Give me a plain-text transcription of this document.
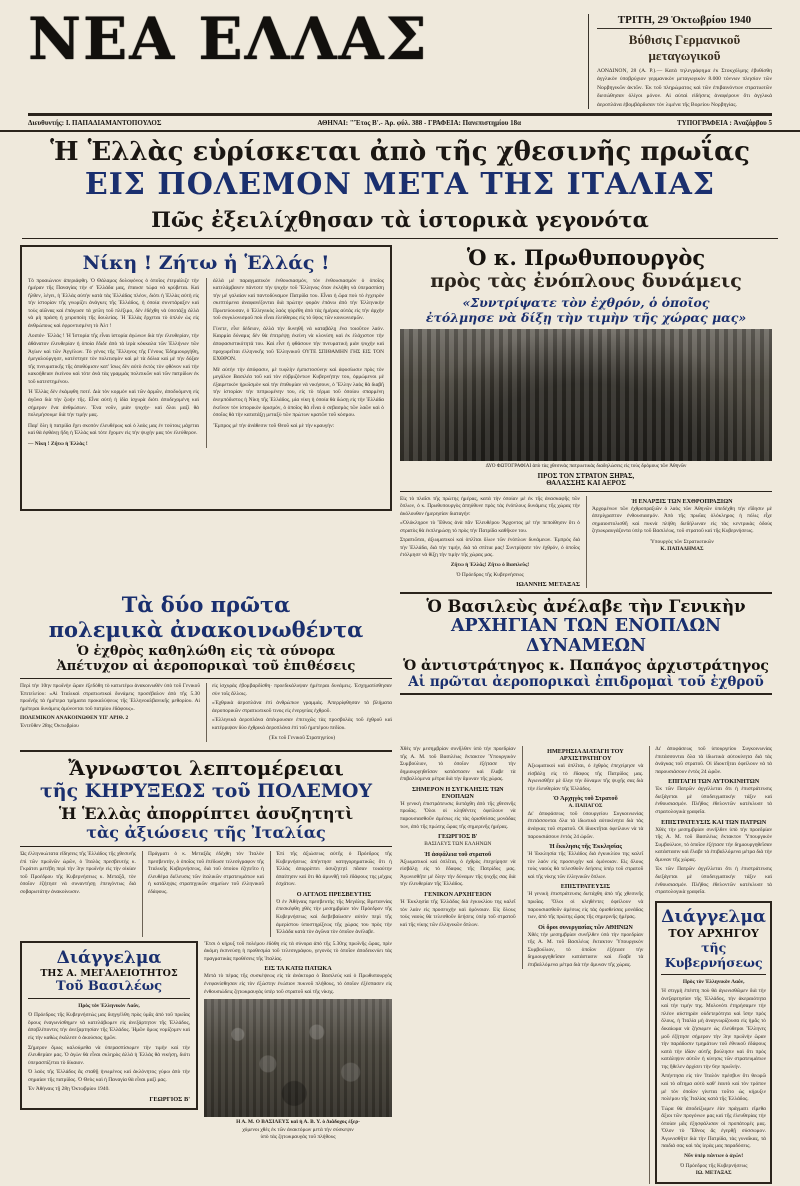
ΝΕΑ ΕΛΛΑΣ	ΤΡΙΤΗ, 29 Ὀκτωβρίου 1940
Βύθισις Γερμανικοῦ μεταγωγικοῦ
ΛΟΝΔΙΝΟΝ, 28 (Α. Ρ.).— Κατὰ τηλεγράφημα ἐκ Στοκχόλμης ἐβυθίσθη ἀγγλικὸν ὑποβρύχιον γερμανικὸν μεταγωγικὸν 8.000 τόννων πλησίον τῶν Νορβηγικῶν ἀκτῶν. Ἐκ τοῦ πληρώματος καὶ τῶν ἐπιβαινόντων στρατιωτῶν διεσώθησαν ὀλίγοι μόνον. Αἱ αὐταὶ εἰδήσεις ἀναφέρουν ὅτι ἀγγλικὰ ἀεροπλάνα ἐβομβάρδισαν τὸν λιμένα τῆς Βορείου Νορβηγίας.
Διευθυντής: Ι. ΠΑΠΑΔΙΑΜΑΝΤΟΠΟΥΛΟΣ	ΑΘΗΝΑΙ: "Ἔτος Β'.- Ἀρ. φύλ. 388 - ΓΡΑΦΕΙΑ: Πανεπιστημίου 18α	ΤΥΠΟΓΡΑΦΕΙΑ : Ἀναζάρβου 5
Ἡ Ἑλλὰς εὑρίσκεται ἀπὸ τῆς χθεσινῆς πρωΐας
ΕΙΣ ΠΟΛΕΜΟΝ ΜΕΤΑ ΤΗΣ ΙΤΑΛΙΑΣ
Πῶς ἐξειλίχθησαν τὰ ἱστορικὰ γεγονότα
Νίκη ! Ζήτω ἡ Ἑλλάς !
Τὸ προαιώνιον ἀπεριάφθη. Ὁ Θάλαμος δολοφόνος ὁ ὁποῖος ἐτεριάλιζε τὴν ἡμέραν τῆς Παναγίας τὴν σ' Ἑλλάδα μας, ἐπαυσε τώρα νὰ κρύβεται. Καὶ ἤλθεν, λέγει, ἡ Ἑλλὰς αὐτὴν κατὰ τὰς Ἑλλάδας πλέον, διότι ἡ Ἑλλὰς αὐτὴ εἰς τὴν ἱστορίαν τῆς γνωρίζει ἀνάγκες τῆς Ἑλλάδος, ἡ ὁποία συνετάραξεν καὶ τοὺς αἰῶνας καὶ ἐπάγωσε τὰ χείλη τοῦ πλέξιμο, δὲν ἐδέχθη νὰ ὑποτάξῃ ἀλλὰ νὰ μὴ πράση ἡ χειροποίη τῆς δουλείας. Ἡ Ἑλλὰς ἔρχεται τὸ ὁπλόν ὡς εἰς ἀνθρώπους καὶ ἐφροντισμένη τὸ Ἀλτ !
Λοιπόν· Ἑλλάς ! Ἡ Ἱστορία τῆς εἶναι ἱστορία ἀγώνων διὰ τὴν ἐλευθερίαν, τὴν ἀθάνατον ἐλευθερίαν ἡ ὁποία ἔδιδε ἀπὸ τὰ ἱερὰ κόκκαλα τῶν Ἑλλήνων τῶν Ἁγίων καὶ τῶν Ἀγγέλων. Τὸ γένος τῆς Ἕλληνος τῆς Γένους Ἐδημιουργήθη, ἐμεγαλούργησε, κατέστησε τὸν πολιτισμὸν καὶ μὲ τὰ δόλια καὶ μὲ τὴν δόξαν τῆς πνευματικῆς τῆς ἀποθύμισιν κατ' ἴσως δὲν αὐτὸ ἐκτὸς τὸν φθόνον καὶ τὴν κακοήθειαν ἐκείνου καὶ τότε ἀνὰ τὰς γραμμὰς πολιτικῶν καὶ τῶν πατρίδων ἐκ τοῦ κατεστημένου.
Ἡ Ἑλλὰς δὲν ἐκάμφθη ποτέ. Διὰ τὸν κορμόν καὶ τῶν ἁρμῶν, ἀποδυόμενη εἰς ἀγῶνα διὰ τὴν ζωήν τῆς. Εἶνα αὐτὴ ἡ ἰδία ἰσχυρὰ διότι ἀποδεχομένη καὶ σήμερον ἔνα ἀνθρώπων. Ἔνα νοῦν, μιὰν ψυχήν· καὶ ὅλοι μαζὶ θὰ πολεμήσουμε διὰ τὴν τιμήν μας.
Παρ' ὅλη ἡ πατρίδα ἔχει σκοπὸν ἐλευθέρως καὶ ὁ λαὸς μας ἐν τούτοις μάχεται καὶ θὰ ἐφθάνῃ ἤδη ἡ Ἑλλὰς καὶ τότε ἔχομεν εἰς τὴν ψυχὴν μας τὸν ἐλεύθερον.
— Νίκη ! Ζήτω ἡ Ἑλλὰς !
ἀλλὰ μὲ παραγματικὸν ἐνθουσιασμόν, τὸν ἐνθουσιασμὸν ὁ ὁποῖος κατελάμβανεν πάντοτε τὴν ψυχὴν τοῦ Ἕλληνος ὅταν ἐκλήθη νὰ ὑπερασπίση τὴν μὲ γαλαίαν καὶ παντοδύναμον Πατρίδα του. Εἶναι ἡ ὥρα ποὺ τὸ ἐγχειρὸν σκεπτόμενα ἀναφανέζονται διὰ πρώτην φορὰν ἐπάνω ἀπὸ τὴν Ἑλληνικὴν Πρωτεύουσαν, ὁ Ἑλληνικὸς λαὸς ηὑρέθη ἀπὸ τὰς ἡμέρας αὐτὰς εἰς τὴν ἀρχὴν τοῦ συγκλονισμοῦ ποὺ εἶναι ἐλεύθερος εἰς τὸ ὕψος τῶν κοινωνισμῶν.
Γίνετε, εἶνε δέδειον, ἀλλὰ τὴν δυνηθῆ νὰ καταβάλῃ ἕνα τοιοῦτον λαόν. Καιρμία δύναμις δὲν θὰ ἐπιτρέψῃ ἐκείνη νὰ κλονίση καὶ ἐκ ἐλάχιστον τὴν ἀποφασιστικότητά του. Καὶ εἶνε ἡ φθάσουν τὴν πνευματικὴ μιὰν ψυχὴν καὶ προχωρεῖται ἐλληνικῆς τοῦ Ἐλληνικοῦ ΟΥΤΕ ΣΠΙΘΑΜΗΝ ΓΗΣ ΕΙΣ ΤΟΝ ΕΧΘΡΟΝ.
Μὲ αὐτὴν τὴν ἀπόφασιν, μὲ τυφλὴν ἐμπιστοσύνην καὶ ἀφοσίωσιν πρὸς τὸν μεγάλον Βασιλέα τοῦ καὶ τὸν εὐβριζόντων Κυβερνήτην του, ὁρμώμενοι μὲ ἐξαιρετικὸν ἡρωϊσμὸν καὶ τὴν ἐπιθυμίαν νὰ νικήσουν, ὁ Ἕλλην λαὸς θὰ διαβῆ τὴν ἱστορίαν τὴν πεπρωμένην του, εἰς τὸ τέρμα τοῦ ὁποίου σπαρμένη ἀνεμπόδιστος ἡ Νίκη τῆς Ἑλλάδος, μία νίκη ἡ ὁποία θὰ δώσῃ εἰς τὴν Ἑλλάδα ἐκεῖνον τὸν ἱστορικὸν ὁρισμόν, ὁ ὁποῖος θὰ εἶναι ὁ σεβασμὸς τῶν λαῶν καὶ ὁ ὁποῖος θὰ τὴν κατατάξῃ μεταξὺ τῶν πρώτων κρατῶν τοῦ κόσμου.
Ἔμπρος μὲ τὴν ἀνάθεσιν τοῦ Θεοῦ καὶ μὲ τὴν κραυγήν:
Ὁ κ. Πρωθυπουργὸς
πρὸς τὰς ἐνόπλους δυνάμεις
«Συντρίψατε τὸν ἐχθρόν, ὁ ὁποῖος
ἐτόλμησε νὰ δίξῃ τὴν τιμὴν τῆς χώρας μας»
ΔΥΟ ΦΩΤΟΓΡΑΦΙΑΙ ἀπὸ τὰς χθεσινὰς πατριωτικὰς διαδηλώσεις εἰς τοὺς δρόμους τῶν Ἀθηνῶν
ΠΡΟΣ ΤΟΝ ΣΤΡΑΤΟΝ ΞΗΡΑΣ,
ΘΑΛΑΣΣΗΣ ΚΑΙ ΑΕΡΟΣ
Εἰς τὸ πλαῖσι τῆς πρώτης ἡμέρας, κατὰ τὴν ὁποίαν μὲ ἐκ τῆς ἀνασκαφῆς τῶν ὅπλων, ὁ κ. Πρωθυπουργὸς ἀπηύθυνε πρὸς τὰς ἐνόπλους δυνάμεις τῆς χώρας τὴν ἀκόλουθον ἡμερησίαν διαταγήν:
«Ὁλόκληρον τὸ Ἔθνος ἀνὰ πᾶν Ἐλευθέρου Ἄρχοντος μὲ τὴν πεποίθησιν ὅτι ὁ στρατὸς θὰ ἐκπληρώσῃ τὸ πρὸς τὴν Πατρίδα καθῆκον του.
Στρατιῶται, ἀξιωματικοὶ καὶ ὁπλῖται ὅλων τῶν ἐνόπλων δυνάμεων. Ἐμπρὸς διὰ τὴν Ἑλλάδα, διὰ τὴν τιμήν, διὰ τὰ σπίτια μας! Συντρίψατε τὸν ἐχθρόν, ὁ ὁποῖος ἐτόλμησε νὰ θίξῃ τὴν τιμὴν τῆς χώρας μας.
Ζήτω ἡ Ἑλλάς! Ζήτω ὁ Βασιλεύς!
Ὁ Πρόεδρος τῆς Κυβερνήσεως
ΙΩΑΝΝΗΣ ΜΕΤΑΞΑΣ
Ἡ ΕΝΑΡΞΙΣ ΤΩΝ ΕΧΘΡΟΠΡΑΞΙΩΝ
Ἀρχομένων τῶν ἐχθροπραξιῶν ὁ λαὸς τῶν Ἀθηνῶν ὑπεδέχθη τὴν εἴδησιν μὲ ἀπερίγραπτον ἐνθουσιασμόν. Ἀπὸ τῆς πρωΐας ὁλόκληρος ἡ πόλις εἶχε σημαιοστολισθῆ καὶ πυκνὰ πλήθη διεδήλωναν εἰς τὰς κεντρικὰς ὁδοὺς ζητωκραυγάζοντα ὑπὲρ τοῦ Βασιλέως, τοῦ στρατοῦ καὶ τῆς Κυβερνήσεως.
Ὑπουργὸς τῶν Στρατιωτικῶν
Κ. ΠΑΠΑΔΗΜΑΣ
Τὰ δύο πρῶτα
πολεμικὰ ἀνακοινωθέντα
Ὁ ἐχθρὸς καθηλώθη εἰς τὰ σύνορα
Ἀπέτυχον αἱ ἀεροπορικαὶ τοῦ ἐπιθέσεις
Περὶ τὴν 10ην πρωϊνὴν ὥραν ἐξεδόθη τὸ κατωτέρω ἀνακοινωθὲν ὑπὸ τοῦ Γενικοῦ Ἐπιτελείου: «Αἱ Ἰταλικαὶ στρατιωτικαὶ δυνάμεις προσέβαλον ἀπὸ τῆς 5.30 πρωϊνῆς τὰ ἡμέτερα τμήματα προκαλύψεως τῆς Ἑλληνοαλβανικῆς μεθορίου. Αἱ ἡμέτεραι δυνάμεις ἀμύνονται τοῦ πατρίου ἐδάφους».
ΠΟΛΕΜΙΚΟΝ ΑΝΑΚΟΙΝΩΘΕΝ ΥΠ' ΑΡΙΘ. 2
Ἐντεῦθεν 28ης Ὀκτωβρίου
εἰς ἰσχυρὰς ἐβομβαρδίσθη· προεδικάλυψαν ἡμέτεραι δυνάμεις. Ἐσχηματίσθησαν σὺν τοῖς ἄλλοις.
«Ἐχθρικὰ ἀεροπλάνα ἐπὶ ἀνθρώπων γραμμάς. Ἀπερρίφθησαν τὰ βλήματα ἀεροπορικῶν στρατιωτικοῦ τινος εἰς ἐνεργείας ἐχθροῦ.
«Ἑλληνικὰ ἀεροπλάνα ἀπέκρουσαν ἐπιτυχῶς τὰς προσβολὰς τοῦ ἐχθροῦ καὶ κατέρριψαν δύο ἐχθρικὰ ἀεροπλάνα ἐπὶ τοῦ ἡμετέρου πεδίου.
(Ἐκ τοῦ Γενικοῦ Στρατηγείου)
Ὁ Βασιλεὺς ἀνέλαβε τὴν Γενικὴν
ΑΡΧΗΓΙΑΝ ΤΩΝ ΕΝΟΠΛΩΝ ΔΥΝΑΜΕΩΝ
Ὁ ἀντιστράτηγος κ. Παπάγος ἀρχιστράτηγος
Αἱ πρῶται ἀεροπορικαὶ ἐπιδρομαὶ τοῦ ἐχθροῦ
Ἄγνωστοι λεπτομέρειαι
τῆς ΚΗΡΥΞΕΩΣ τοῦ ΠΟΛΕΜΟΥ
Ἡ Ἑλλὰς ἀπορρίπτει ἀσυζητητὶ
τὰς ἀξιώσεις τῆς Ἰταλίας
Ὡς ἐλληνικώτατα εἴδησεις τῆς Ἑλλάδος τῆς χθεσινῆς ἐπὶ τῶν πρωϊνῶν ὡρῶν, ὁ Ἰταλὸς πρεσβευτὴς κ. Γκράτσι μετέβη περὶ τὴν 3ην πρωϊνὴν εἰς τὴν οἰκίαν τοῦ Προέδρου τῆς Κυβερνήσεως κ. Μεταξᾶ, τὸν ὁποῖον ἐζήτησε νὰ συναντήσῃ ἐπειγόντως διὰ σοβαρωτάτην ἀνακοίνωσιν.
Πράγματι ὁ κ. Μεταξᾶς ἐδέχθη τὸν Ἰταλὸν πρεσβευτήν, ὁ ὁποῖος τοῦ ἐπέδωσε τελεσίγραφον τῆς Ἰταλικῆς Κυβερνήσεως, διὰ τοῦ ὁποίου ἐζητεῖτο ἡ ἐλευθέρα διέλευσις τῶν ἰταλικῶν στρατευμάτων καὶ ἡ κατάληψις στρατηγικῶν σημείων τοῦ ἑλληνικοῦ ἐδάφους.
Ἐπὶ τῆς ἀξιώσεως αὐτῆς ὁ Πρόεδρος τῆς Κυβερνήσεως ἀπήντησε κατηγορηματικῶς ὅτι ἡ Ἑλλὰς ἀπορρίπτει ἀσυζητητὶ πᾶσαν τοιαύτην ἀπαίτησιν καὶ ὅτι θὰ ἀμυνθῇ τοῦ ἐδάφους της μέχρις ἐσχάτων.
Ο ΑΓΓΛΟΣ ΠΡΕΣΒΕΥΤΗΣ
Ὁ ἐν Ἀθήναις πρεσβευτὴς τῆς Μεγάλης Βρεταννίας ἐπεσκέφθη χθὲς τὴν μεσημβρίαν τὸν Πρόεδρον τῆς Κυβερνήσεως καὶ διεβεβαίωσεν αὐτὸν περὶ τῆς ἀμερίστου ὑποστηρίξεως τῆς χώρας του πρὸς τὴν Ἑλλάδα κατὰ τὸν ἀγῶνα τὸν ὁποῖον ἀνέλαβε.
Διάγγελμα
ΤΗΣ Α. ΜΕΓΑΛΕΙΟΤΗΤΟΣ
Τοῦ Βασιλέως
Πρὸς τὸν Ἑλληνικὸν Λαόν,
Ὁ Πρόεδρος τῆς Κυβερνήσεώς μας διηγγέλθη πρὸς ὑμᾶς ἀπὸ τοῦ πρωΐας ὅρους ἐναγωνίσθημεν νὰ κατελάβωμεν εἰς ἀνεξάρτητον τῆς Ἑλλάδος, ἀποβλέποντες τὴν ἀνεξαρτησίαν τῆς Ἑλλάδος. Ἡμῶν ὅμως νομίζομεν καὶ εἰς τὴν καθὼς ἐκάλεσε ὁ ἀκούσιος ἡμῶν.
Σήμερον ὅμως καλούμεθα νὰ ὑπερασπίσωμεν τὴν τιμὴν καὶ τὴν ἐλευθερίαν μας. Ὁ ἀγὼν θὰ εἶναι σκληρὸς ἀλλὰ ἡ Ἑλλὰς θὰ νικήσῃ, διότι ὑπερασπίζεται τὸ δίκαιον.
Ὁ λαὸς τῆς Ἑλλάδος ἂς σταθῇ ἡνωμένος καὶ ἀκλόνητος γύρω ἀπὸ τὴν σημαίαν τῆς πατρίδος. Ὁ Θεὸς καὶ ἡ Παναγία θὰ εἶναι μαζί μας.
Ἐν Ἀθήναις τῇ 28ῃ Ὀκτωβρίου 1940.
ΓΕΩΡΓΙΟΣ Β'
Ἔτσι ὁ κήρυξ τοῦ πολέμου ἐδόθη εἰς τὰ σύνορα ἀπὸ τῆς 5.30ης πρωϊνῆς ὥρας, πρὶν ἀκόμη ἐκπνεύσῃ ἡ προθεσμία τοῦ τελεσιγράφου, γεγονὸς τὸ ὁποῖον ἀποδεικνύει τὰς πραγματικὰς προθέσεις τῆς Ἰταλίας.
ΕΙΣ ΤΑ ΚΑΤΩ ΠΑΤΩΚΑ
Μετὰ τὸ πέρας τῆς συσκέψεως εἰς τὰ ἀνάκτορα ὁ Βασιλεὺς καὶ ὁ Πρωθυπουργὸς ἐνεφανίσθησαν εἰς τὸν ἐξώστην ἐνώπιον πυκνοῦ πλήθους, τὸ ὁποῖον ἐξέσπασεν εἰς ἐνθουσιώδεις ζητωκραυγὰς ὑπὲρ τοῦ στρατοῦ καὶ τῆς νίκης.
Η Α. Μ. Ο ΒΑΣΙΛΕΥΣ καὶ ἡ Α. Β. Υ. ὁ Διάδοχος ἐξερ-
χόμενοι χθὲς ἐκ τῶν ἀνακτόρων μετὰ τὴν σύσκεψιν
ὑπὸ τὰς ζητωκραυγὰς τοῦ πλήθους
Χθὲς τὴν μεσημβρίαν συνῆλθεν ὑπὸ τὴν προεδρίαν τῆς Α. Μ. τοῦ Βασιλέως ἔκτακτον Ὑπουργικὸν Συμβούλιον, τὸ ὁποῖον ἐξήτασε τὴν δημιουργηθεῖσαν κατάστασιν καὶ ἔλαβε τὰ ἐπιβαλλόμενα μέτρα διὰ τὴν ἄμυναν τῆς χώρας.
ΣΗΜΕΡΟΝ Η ΣΥΓΚΛΗΣΙΣ ΤΩΝ ΕΝΟΠΛΩΝ
Ἡ γενικὴ ἐπιστράτευσις διετάχθη ἀπὸ τῆς χθεσινῆς πρωΐας. Ὅλοι οἱ κληθέντες ὀφείλουν νὰ παρουσιασθοῦν ἀμέσως εἰς τὰς ὁρισθείσας μονάδας των, ἀπὸ τῆς πρώτης ὥρας τῆς σημερινῆς ἡμέρας.
ΓΕΩΡΓΙΟΣ Β'
ΒΑΣΙΛΕΥΣ ΤΩΝ ΕΛΛΗΝΩΝ
Ἡ ἀσφάλεια τοῦ στρατοῦ
Ἀξιωματικοὶ καὶ ὁπλῖται, ὁ ἐχθρὸς ἐπεχείρησε νὰ εἰσβάλῃ εἰς τὸ ἔδαφος τῆς Πατρίδος μας. Ἀγωνισθῆτε μὲ ὅλην τὴν δύναμιν τῆς ψυχῆς σας διὰ τὴν ἐλευθερίαν τῆς Ἑλλάδος.
ΓΕΝΙΚΟΝ ΑΡΧΗΓΕΙΟΝ
Ἡ Ἐκκλησία τῆς Ἑλλάδος διὰ ἐγκυκλίου της καλεῖ τὸν λαὸν εἰς προσευχὴν καὶ ὁμόνοιαν. Εἰς ὅλους τοὺς ναοὺς θὰ τελεσθοῦν δεήσεις ὑπὲρ τοῦ στρατοῦ καὶ τῆς νίκης τῶν ἑλληνικῶν ὅπλων.
ΗΜΕΡΗΣΙΑ ΔΙΑΤΑΓΗ ΤΟΥ ΑΡΧΙΣΤΡΑΤΗΓΟΥ
Ἀξιωματικοὶ καὶ ὁπλῖται, ὁ ἐχθρὸς ἐπεχείρησε νὰ εἰσβάλῃ εἰς τὸ ἔδαφος τῆς Πατρίδος μας. Ἀγωνισθῆτε μὲ ὅλην τὴν δύναμιν τῆς ψυχῆς σας διὰ τὴν ἐλευθερίαν τῆς Ἑλλάδος.
Ὁ Ἀρχηγὸς τοῦ Στρατοῦ
Α. ΠΑΠΑΓΟΣ
Δι' ἀποφάσεως τοῦ ὑπουργείου Συγκοινωνίας ἐπιτάσσονται ὅλα τὰ ἰδιωτικὰ αὐτοκίνητα διὰ τὰς ἀνάγκας τοῦ στρατοῦ. Οἱ ἰδιοκτῆται ὀφείλουν νὰ τὰ παρουσιάσουν ἐντὸς 24 ὡρῶν.
Ἡ ἔκκλησις τῆς Ἐκκλησίας
Ἡ Ἐκκλησία τῆς Ἑλλάδος διὰ ἐγκυκλίου της καλεῖ τὸν λαὸν εἰς προσευχὴν καὶ ὁμόνοιαν. Εἰς ὅλους τοὺς ναοὺς θὰ τελεσθοῦν δεήσεις ὑπὲρ τοῦ στρατοῦ καὶ τῆς νίκης τῶν ἑλληνικῶν ὅπλων.
ΕΠΙΣΤΡΑΤΕΥΣΙΣ
Ἡ γενικὴ ἐπιστράτευσις διετάχθη ἀπὸ τῆς χθεσινῆς πρωΐας. Ὅλοι οἱ κληθέντες ὀφείλουν νὰ παρουσιασθοῦν ἀμέσως εἰς τὰς ὁρισθείσας μονάδας των, ἀπὸ τῆς πρώτης ὥρας τῆς σημερινῆς ἡμέρας.
Οἱ ὅροι συνεργασίας τῶν ΑΘΗΝΩΝ
Χθὲς τὴν μεσημβρίαν συνῆλθεν ὑπὸ τὴν προεδρίαν τῆς Α. Μ. τοῦ Βασιλέως ἔκτακτον Ὑπουργικὸν Συμβούλιον, τὸ ὁποῖον ἐξήτασε τὴν δημιουργηθεῖσαν κατάστασιν καὶ ἔλαβε τὰ ἐπιβαλλόμενα μέτρα διὰ τὴν ἄμυναν τῆς χώρας.
Δι' ἀποφάσεως τοῦ ὑπουργείου Συγκοινωνίας ἐπιτάσσονται ὅλα τὰ ἰδιωτικὰ αὐτοκίνητα διὰ τὰς ἀνάγκας τοῦ στρατοῦ. Οἱ ἰδιοκτῆται ὀφείλουν νὰ τὰ παρουσιάσουν ἐντὸς 24 ὡρῶν.
ΕΠΙΤΑΓΗ ΤΩΝ ΑΥΤΟΚΙΝΗΤΩΝ
Ἐκ τῶν Πατρῶν ἀγγέλλεται ὅτι ἡ ἐπιστράτευσις διεξάγεται μὲ ὑποδειγματικὴν τάξιν καὶ ἐνθουσιασμόν. Πλῆθος ἐθελοντῶν κατέκλυσε τὰ στρατολογικὰ γραφεῖα.
ΕΠΙΣΤΡΑΤΕΥΣΙΣ ΚΑΙ ΤΩΝ ΠΑΤΡΩΝ
Χθὲς τὴν μεσημβρίαν συνῆλθεν ὑπὸ τὴν προεδρίαν τῆς Α. Μ. τοῦ Βασιλέως ἔκτακτον Ὑπουργικὸν Συμβούλιον, τὸ ὁποῖον ἐξήτασε τὴν δημιουργηθεῖσαν κατάστασιν καὶ ἔλαβε τὰ ἐπιβαλλόμενα μέτρα διὰ τὴν ἄμυναν τῆς χώρας.
Ἐκ τῶν Πατρῶν ἀγγέλλεται ὅτι ἡ ἐπιστράτευσις διεξάγεται μὲ ὑποδειγματικὴν τάξιν καὶ ἐνθουσιασμόν. Πλῆθος ἐθελοντῶν κατέκλυσε τὰ στρατολογικὰ γραφεῖα.
Διάγγελμα
ΤΟΥ ΑΡΧΗΓΟΥ
τῆς Κυβερνήσεως
Πρὸς τὸν Ἑλληνικὸν Λαόν,
Ἡ στιγμὴ ἐπέστη ποὺ θὰ ἀγωνισθῶμεν διὰ τὴν ἀνεξαρτησίαν τῆς Ἑλλάδος, τὴν ἀκεραιότητα καὶ τὴν τιμήν της. Μολονότι ἐτηρήσαμεν τὴν πλέον αὐστηρὰν οὐδετερότητα καὶ ἴσην πρὸς ὅλους, ἡ Ἰταλία μὴ ἀναγνωρίζουσα εἰς ἡμᾶς τὸ δικαίωμα νὰ ζήσωμεν ὡς ἐλεύθεροι Ἕλληνες μοῦ ἐζήτησε σήμερον τὴν 3ην πρωϊνὴν ὥραν τὴν παράδοσιν τμημάτων τοῦ ἐθνικοῦ ἐδάφους κατὰ τὴν ἰδίαν αὐτῆς βούλησιν καὶ ὅτι πρὸς κατάληψιν αὐτῶν ἡ κίνησις τῶν στρατευμάτων της ἤθελεν ἀρχίσει τὴν 6ην πρωϊνήν.
Ἀπήντησα εἰς τὸν Ἰταλὸν πρέσβυν ὅτι θεωρῶ καὶ τὸ αἴτημα αὐτὸ καθ' ἑαυτὸ καὶ τὸν τρόπον μὲ τὸν ὁποῖον γίνεται τοῦτο ὡς κήρυξιν πολέμου τῆς Ἰταλίας κατὰ τῆς Ἑλλάδος.
Τώρα θὰ ἀποδείξωμεν ἐὰν πράγματι εἴμεθα ἄξιοι τῶν προγόνων μας καὶ τῆς ἐλευθερίας τὴν ὁποίαν μᾶς ἐξησφάλισαν οἱ προπάτορές μας. Ὅλον τὸ Ἔθνος ἂς ἐγερθῇ σύσσωμον. Ἀγωνισθῆτε διὰ τὴν Πατρίδα, τὰς γυναῖκας, τὰ παιδιά σας καὶ τὰς ἱερὰς μας παραδόσεις.
Νῦν ὑπὲρ πάντων ὁ ἀγών!
Ὁ Πρόεδρος τῆς Κυβερνήσεως
ΙΩ. ΜΕΤΑΞΑΣ
